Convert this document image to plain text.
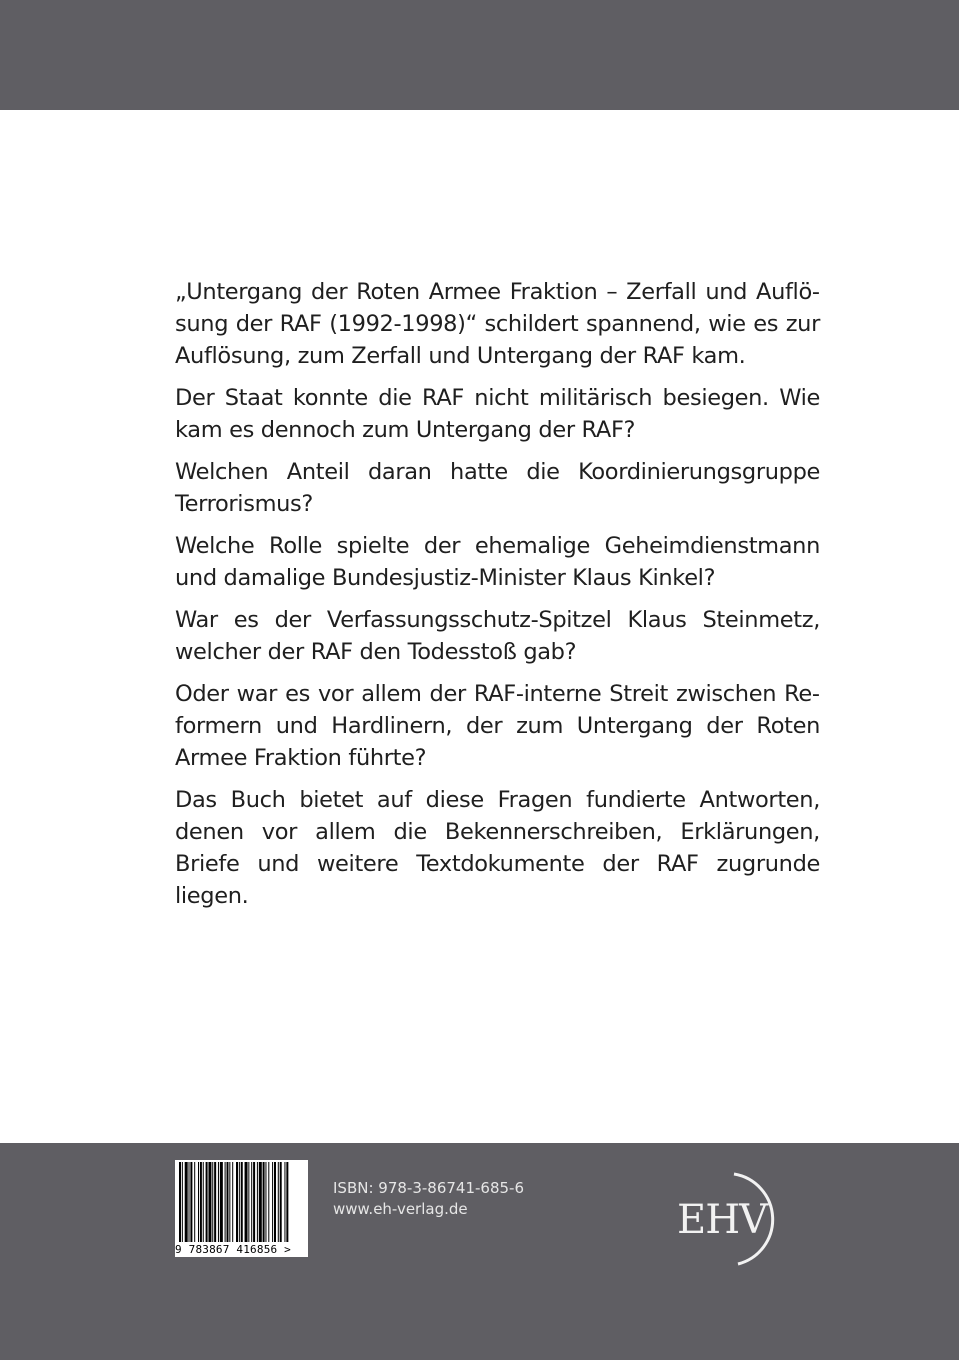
„Untergang der Roten Armee Fraktion – Zerfall und Auflösung der RAF (1992-1998)“ schildert spannend, wie es zur Auflösung, zum Zerfall und Untergang der RAF kam.

Der Staat konnte die RAF nicht militärisch besiegen. Wie kam es dennoch zum Untergang der RAF?

Welchen Anteil daran hatte die Koordinierungsgruppe Terrorismus?

Welche Rolle spielte der ehemalige Geheimdienstmann und damalige Bundesjustiz-Minister Klaus Kinkel?

War es der Verfassungsschutz-Spitzel Klaus Steinmetz, welcher der RAF den Todesstoß gab?

Oder war es vor allem der RAF-interne Streit zwischen Reformern und Hardlinern, der zum Untergang der Roten Armee Fraktion führte?

Das Buch bietet auf diese Fragen fundierte Antworten, denen vor allem die Bekennerschreiben, Erklärungen, Briefe und weitere Textdokumente der RAF zugrunde liegen.

9 783867 416856 >
ISBN: 978-3-86741-685-6
www.eh-verlag.de	EHV
